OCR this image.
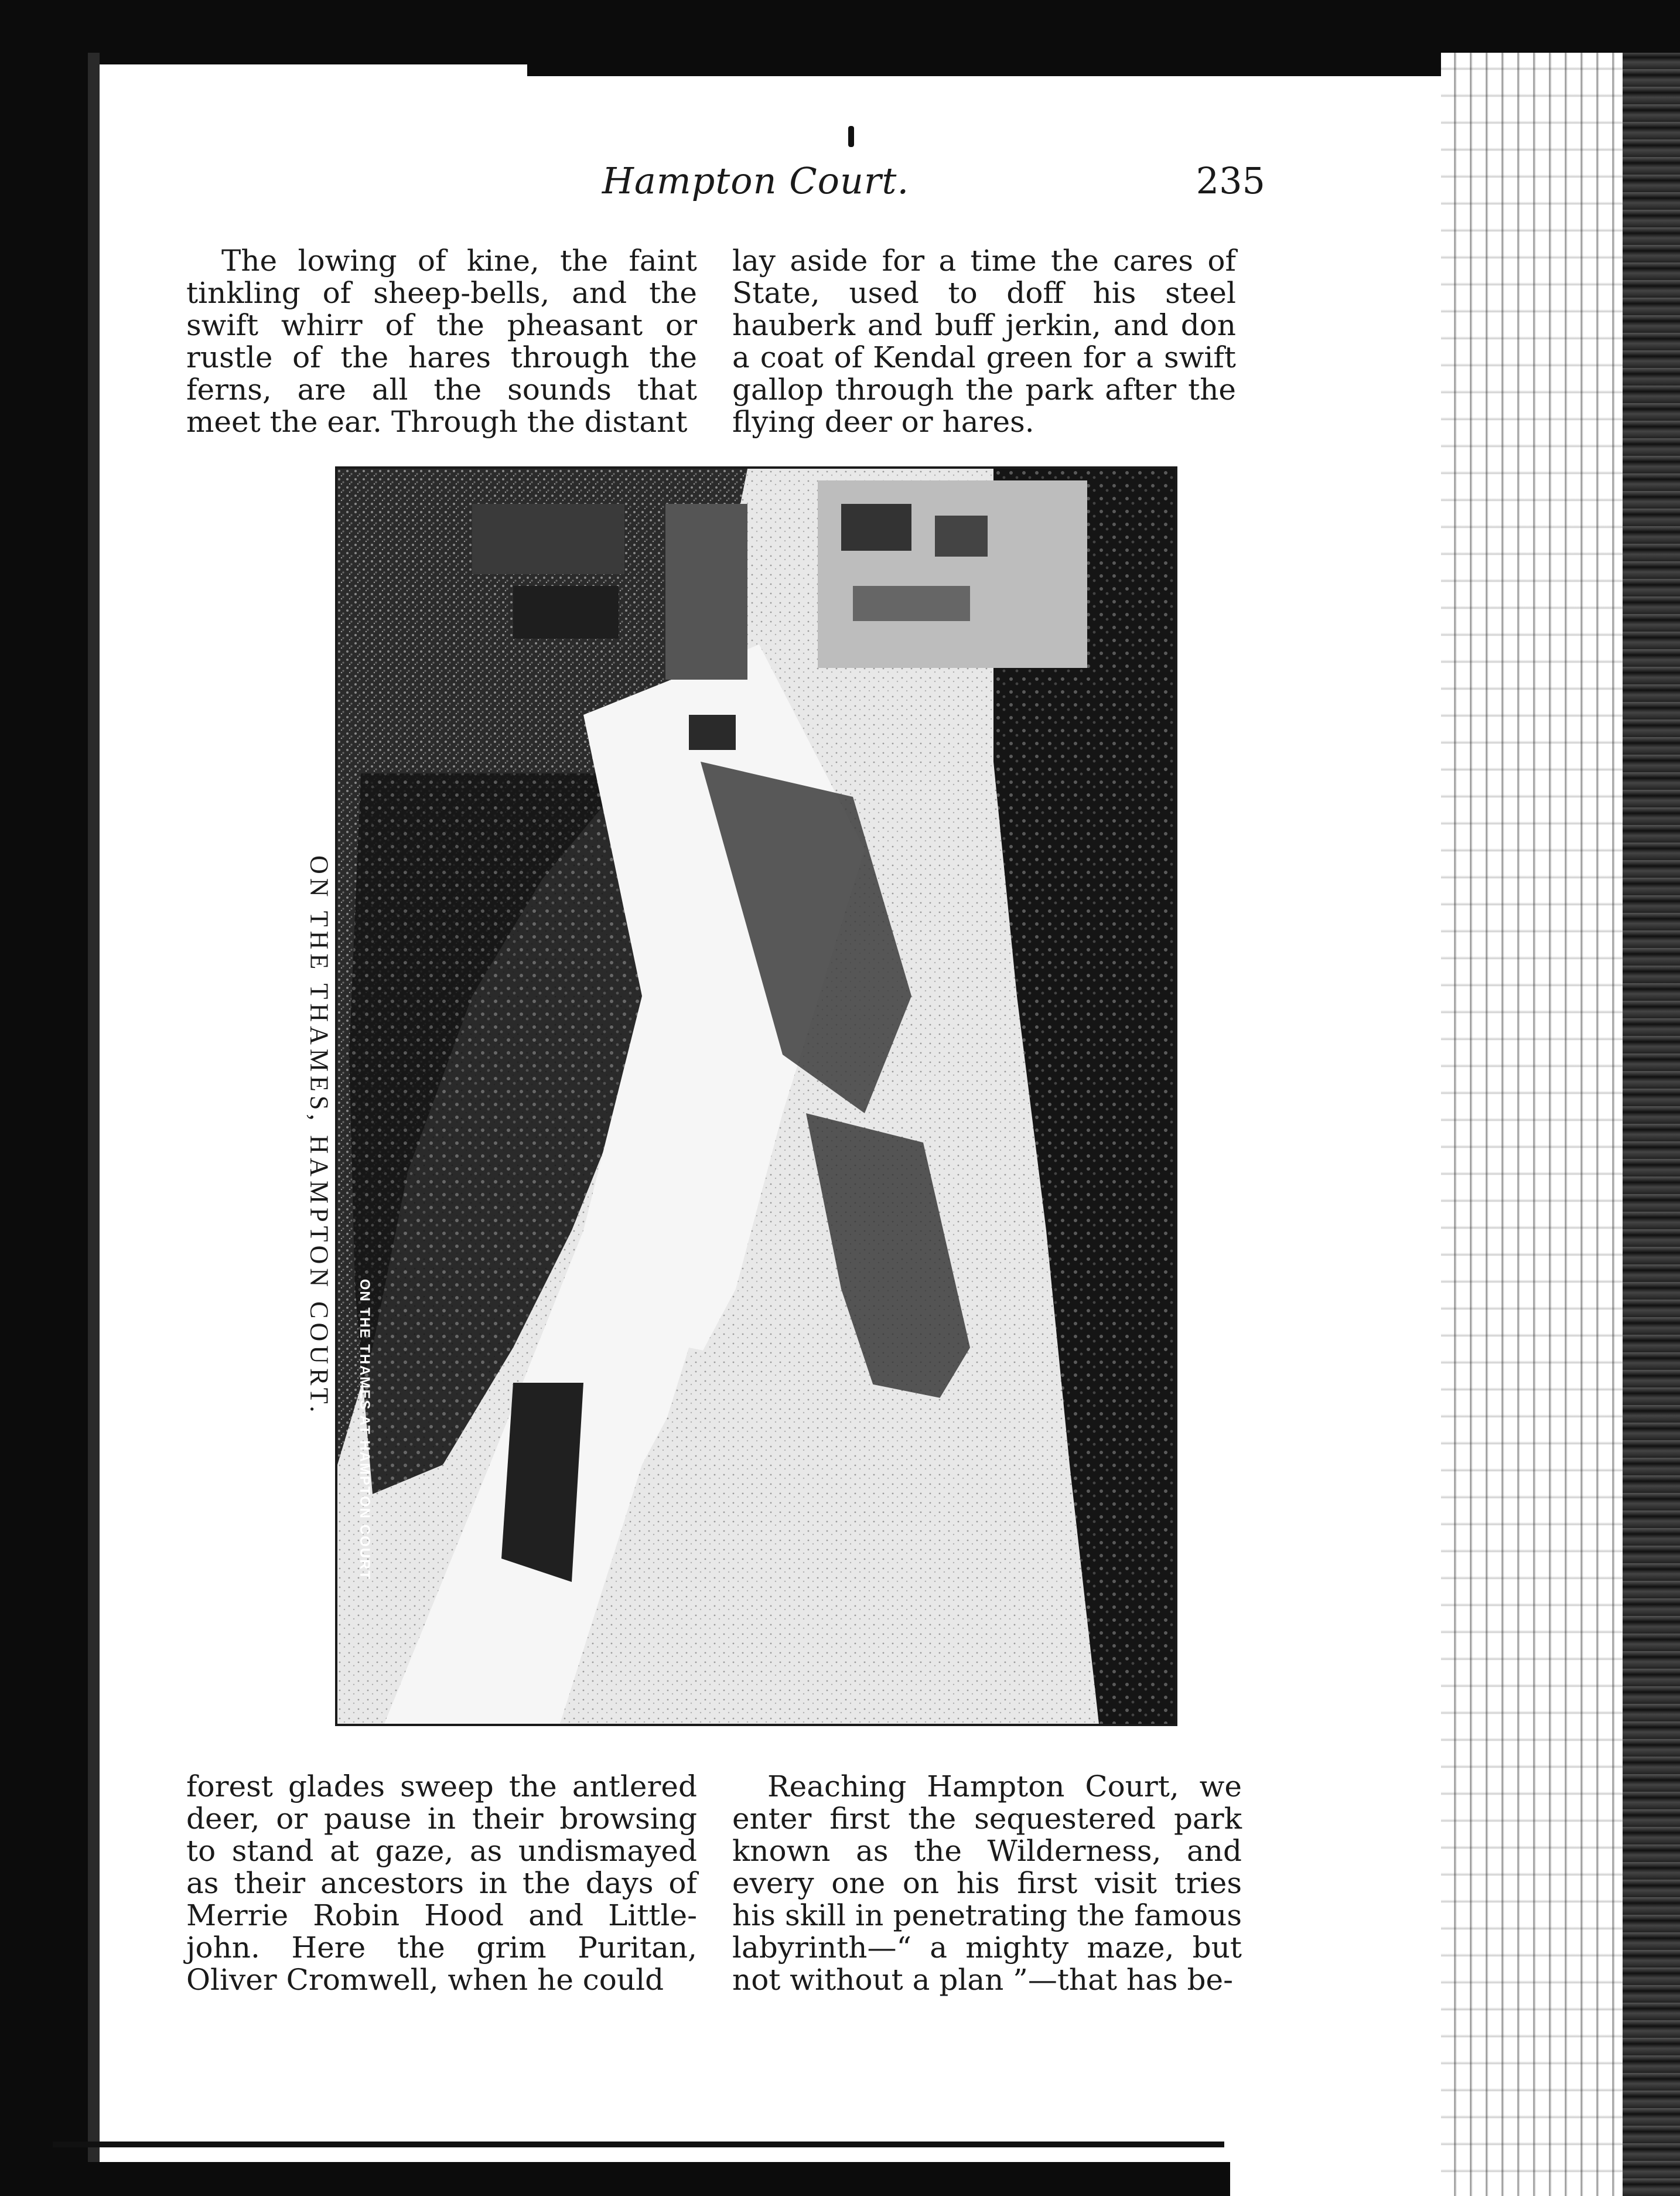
Hampton Court.	235

The lowing of kine, the faint tinkling of sheep-bells, and the swift whirr of the pheasant or rustle of the hares through the ferns, are all the sounds that meet the ear. Through the distant

lay aside for a time the cares of State, used to doff his steel hauberk and buff jerkin, and don a coat of Kendal green for a swift gallop through the park after the flying deer or hares.

ON THE THAMES, HAMPTON COURT.
ON THE THAMES AT HAMPTON COURT

forest glades sweep the antlered deer, or pause in their browsing to stand at gaze, as undismayed as their ancestors in the days of Merrie Robin Hood and Little-john. Here the grim Puritan, Oliver Cromwell, when he could

Reaching Hampton Court, we enter first the sequestered park known as the Wilderness, and every one on his first visit tries his skill in penetrating the famous labyrinth—“ a mighty maze, but not without a plan ”—that has be-
